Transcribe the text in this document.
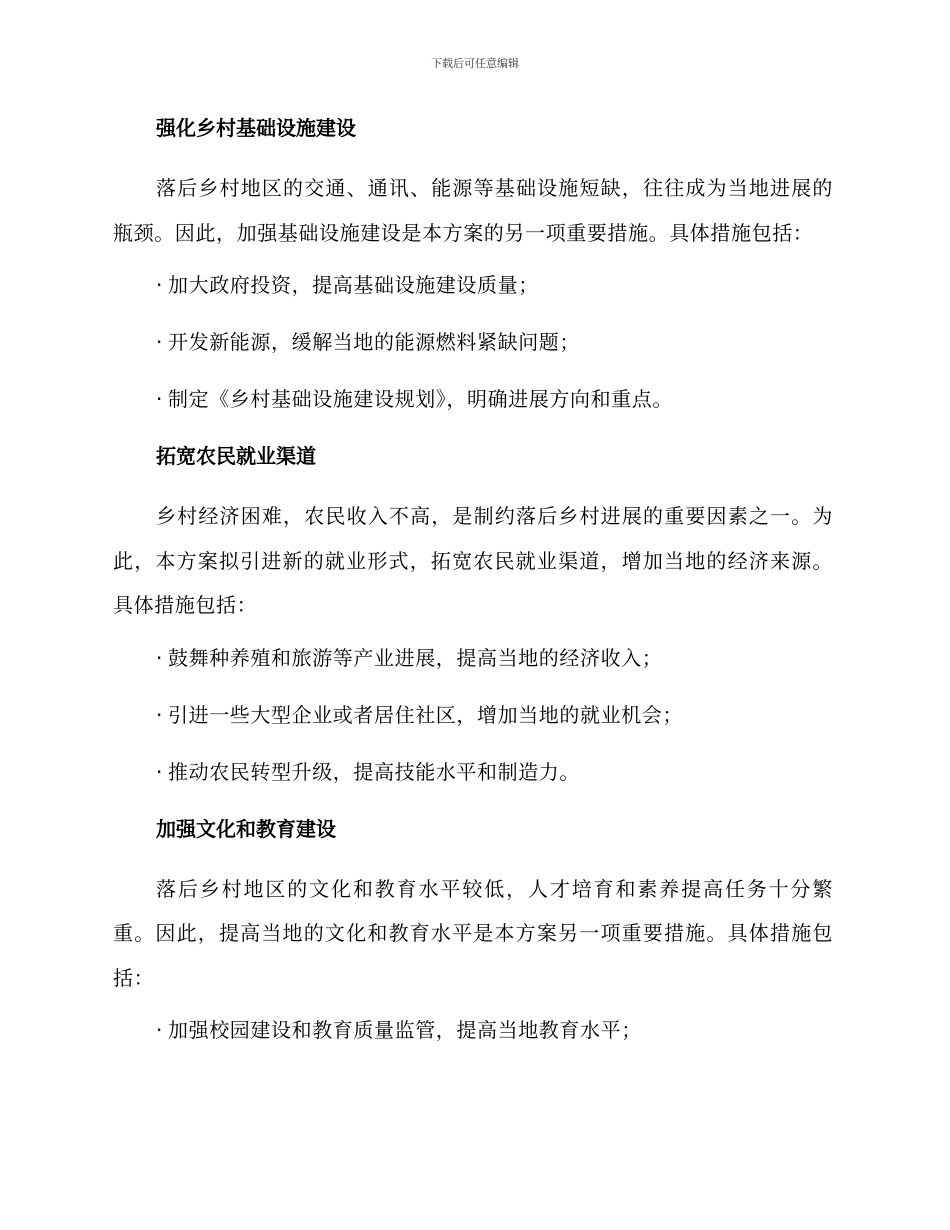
下载后可任意编辑
强化乡村基础设施建设
落后乡村地区的交通、通讯、能源等基础设施短缺，往往成为当地进展的瓶颈。因此，加强基础设施建设是本方案的另一项重要措施。具体措施包括：
· 加大政府投资，提高基础设施建设质量；
· 开发新能源，缓解当地的能源燃料紧缺问题；
· 制定《乡村基础设施建设规划》，明确进展方向和重点。
拓宽农民就业渠道
乡村经济困难，农民收入不高，是制约落后乡村进展的重要因素之一。为此，本方案拟引进新的就业形式，拓宽农民就业渠道，增加当地的经济来源。具体措施包括：
· 鼓舞种养殖和旅游等产业进展，提高当地的经济收入；
· 引进一些大型企业或者居住社区，增加当地的就业机会；
· 推动农民转型升级，提高技能水平和制造力。
加强文化和教育建设
落后乡村地区的文化和教育水平较低，人才培育和素养提高任务十分繁重。因此，提高当地的文化和教育水平是本方案另一项重要措施。具体措施包括：
· 加强校园建设和教育质量监管，提高当地教育水平；
